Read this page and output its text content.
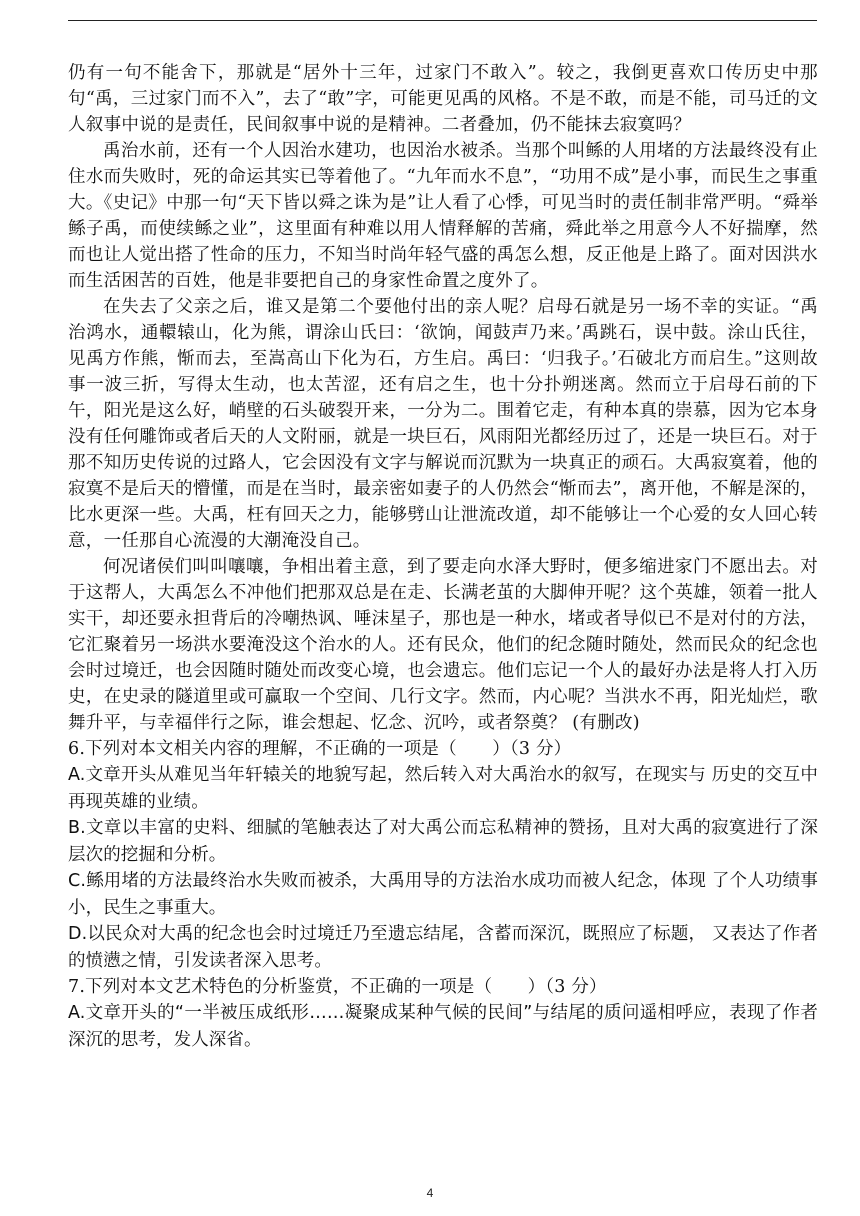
仍有一句不能舍下，那就是“居外十三年，过家门不敢入”。较之，我倒更喜欢口传历史中那句“禹，三过家门而不入”，去了“敢”字，可能更见禹的风格。不是不敢，而是不能，司马迁的文人叙事中说的是责任，民间叙事中说的是精神。二者叠加，仍不能抹去寂寞吗？

禹治水前，还有一个人因治水建功，也因治水被杀。当那个叫鲧的人用堵的方法最终没有止住水而失败时，死的命运其实已等着他了。“九年而水不息”，“功用不成”是小事，而民生之事重大。《史记》中那一句“天下皆以舜之诛为是”让人看了心悸，可见当时的责任制非常严明。“舜举鲧子禹，而使续鲧之业”，这里面有种难以用人情释解的苦痛，舜此举之用意今人不好揣摩，然而也让人觉出搭了性命的压力，不知当时尚年轻气盛的禹怎么想，反正他是上路了。面对因洪水而生活困苦的百姓，他是非要把自己的身家性命置之度外了。

在失去了父亲之后，谁又是第二个要他付出的亲人呢？启母石就是另一场不幸的实证。“禹治鸿水，通轘辕山，化为熊，谓涂山氏曰：‘欲饷，闻鼓声乃来。’禹跳石，误中鼓。涂山氏往，见禹方作熊，惭而去，至嵩高山下化为石，方生启。禹曰：‘归我子。’石破北方而启生。”这则故事一波三折，写得太生动，也太苦涩，还有启之生，也十分扑朔迷离。然而立于启母石前的下午，阳光是这么好，峭壁的石头破裂开来，一分为二。围着它走，有种本真的崇慕，因为它本身没有任何雕饰或者后天的人文附丽，就是一块巨石，风雨阳光都经历过了，还是一块巨石。对于那不知历史传说的过路人，它会因没有文字与解说而沉默为一块真正的顽石。大禹寂寞着，他的寂寞不是后天的懵懂，而是在当时，最亲密如妻子的人仍然会“惭而去”，离开他，不解是深的，比水更深一些。大禹，枉有回天之力，能够劈山让泄流改道，却不能够让一个心爱的女人回心转意，一任那自心流漫的大潮淹没自己。

何况诸侯们叫叫嚷嚷，争相出着主意，到了要走向水泽大野时，便多缩进家门不愿出去。对于这帮人，大禹怎么不冲他们把那双总是在走、长满老茧的大脚伸开呢？这个英雄，领着一批人实干，却还要永担背后的冷嘲热讽、唾沫星子，那也是一种水，堵或者导似已不是对付的方法，它汇聚着另一场洪水要淹没这个治水的人。还有民众，他们的纪念随时随处，然而民众的纪念也会时过境迁，也会因随时随处而改变心境，也会遗忘。他们忘记一个人的最好办法是将人打入历史，在史录的隧道里或可赢取一个空间、几行文字。然而，内心呢？当洪水不再，阳光灿烂，歌舞升平，与幸福伴行之际，谁会想起、忆念、沉吟，或者祭奠？ (有删改)

6.下列对本文相关内容的理解，不正确的一项是（　　）（3 分）

A.文章开头从难见当年轩辕关的地貌写起，然后转入对大禹治水的叙写，在现实与 历史的交互中再现英雄的业绩。

B.文章以丰富的史料、细腻的笔触表达了对大禹公而忘私精神的赞扬，且对大禹的寂寞进行了深层次的挖掘和分析。

C.鲧用堵的方法最终治水失败而被杀，大禹用导的方法治水成功而被人纪念，体现 了个人功绩事小，民生之事重大。

D.以民众对大禹的纪念也会时过境迁乃至遗忘结尾，含蓄而深沉，既照应了标题， 又表达了作者的愤懑之情，引发读者深入思考。

7.下列对本文艺术特色的分析鉴赏，不正确的一项是（　　）（3 分）

A.文章开头的“一半被压成纸形……凝聚成某种气候的民间”与结尾的质问遥相呼应，表现了作者深沉的思考，发人深省。

4
